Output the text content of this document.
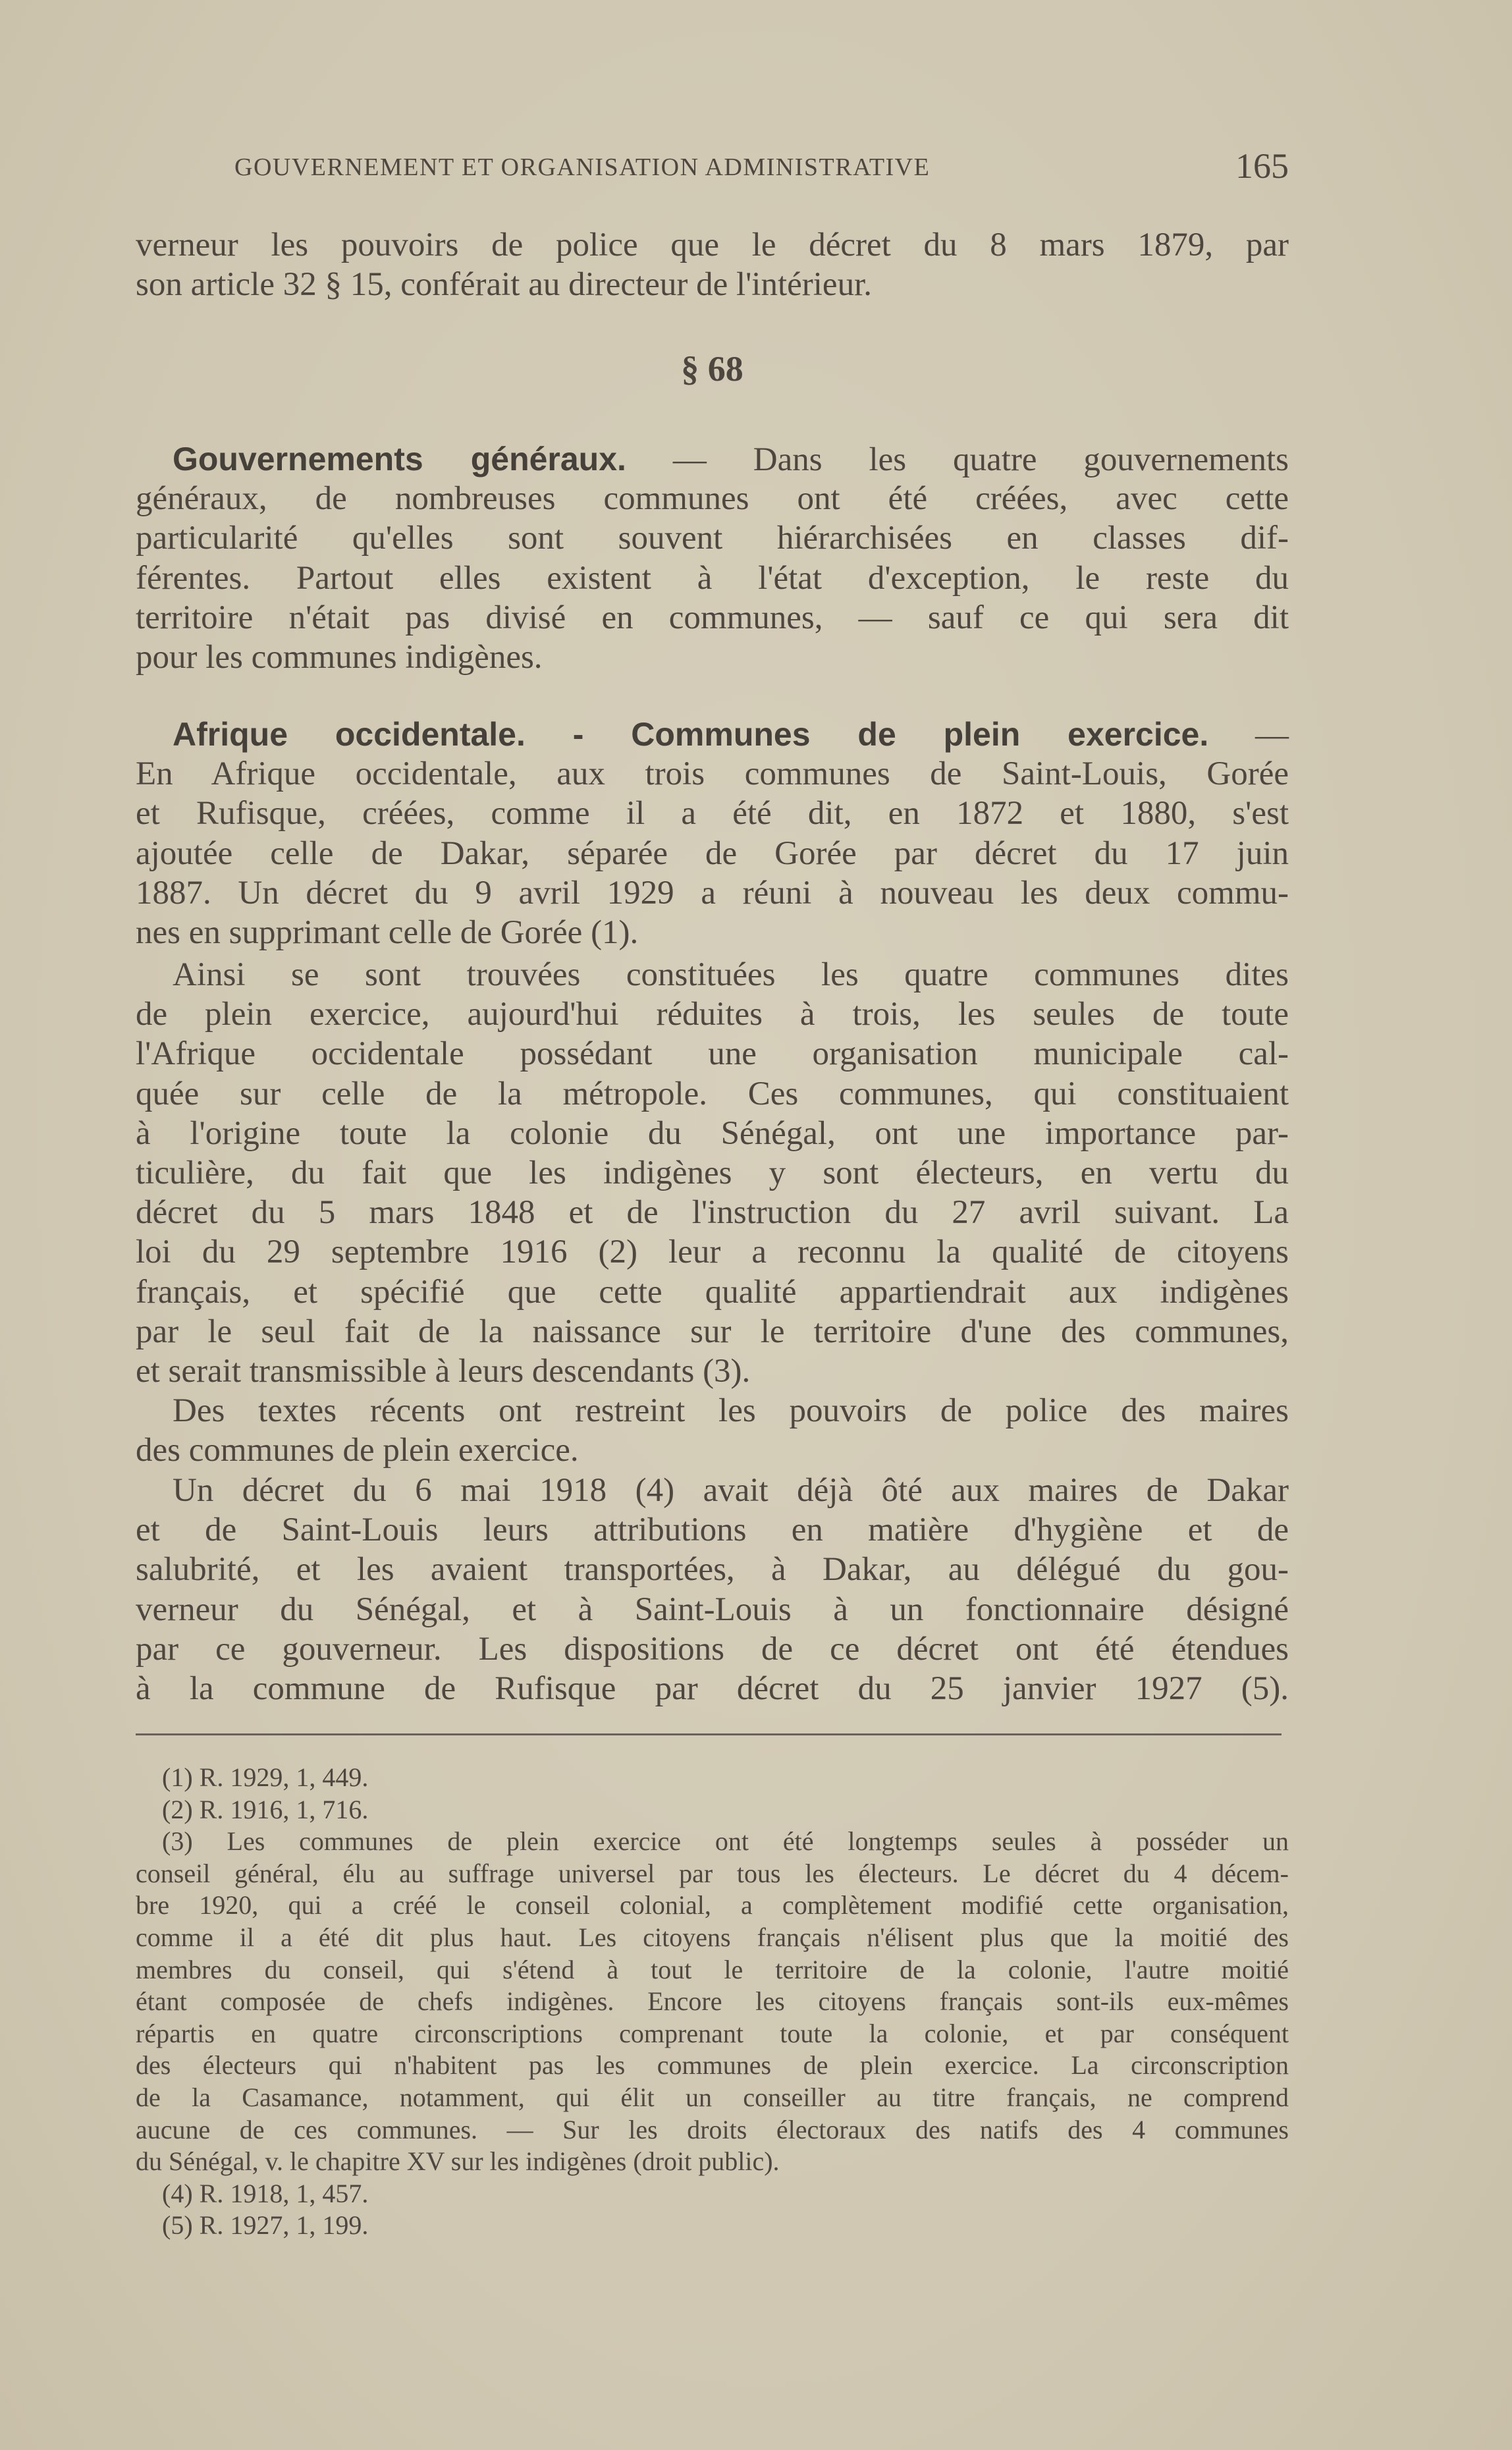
GOUVERNEMENT ET ORGANISATION ADMINISTRATIVE	165
verneur les pouvoirs de police que le décret du 8 mars 1879, par
son article 32 § 15, conférait au directeur de l'intérieur.
§ 68
Gouvernements généraux. — Dans les quatre gouvernements
généraux, de nombreuses communes ont été créées, avec cette
particularité qu'elles sont souvent hiérarchisées en classes dif-
férentes. Partout elles existent à l'état d'exception, le reste du
territoire n'était pas divisé en communes, — sauf ce qui sera dit
pour les communes indigènes.
Afrique occidentale. - Communes de plein exercice. —
En Afrique occidentale, aux trois communes de Saint-Louis, Gorée
et Rufisque, créées, comme il a été dit, en 1872 et 1880, s'est
ajoutée celle de Dakar, séparée de Gorée par décret du 17 juin
1887. Un décret du 9 avril 1929 a réuni à nouveau les deux commu-
nes en supprimant celle de Gorée (1).
Ainsi se sont trouvées constituées les quatre communes dites
de plein exercice, aujourd'hui réduites à trois, les seules de toute
l'Afrique occidentale possédant une organisation municipale cal-
quée sur celle de la métropole. Ces communes, qui constituaient
à l'origine toute la colonie du Sénégal, ont une importance par-
ticulière, du fait que les indigènes y sont électeurs, en vertu du
décret du 5 mars 1848 et de l'instruction du 27 avril suivant. La
loi du 29 septembre 1916 (2) leur a reconnu la qualité de citoyens
français, et spécifié que cette qualité appartiendrait aux indigènes
par le seul fait de la naissance sur le territoire d'une des communes,
et serait transmissible à leurs descendants (3).
Des textes récents ont restreint les pouvoirs de police des maires
des communes de plein exercice.
Un décret du 6 mai 1918 (4) avait déjà ôté aux maires de Dakar
et de Saint-Louis leurs attributions en matière d'hygiène et de
salubrité, et les avaient transportées, à Dakar, au délégué du gou-
verneur du Sénégal, et à Saint-Louis à un fonctionnaire désigné
par ce gouverneur. Les dispositions de ce décret ont été étendues
à la commune de Rufisque par décret du 25 janvier 1927 (5).
(1) R. 1929, 1, 449.
(2) R. 1916, 1, 716.
(3) Les communes de plein exercice ont été longtemps seules à posséder un
conseil général, élu au suffrage universel par tous les électeurs. Le décret du 4 décem-
bre 1920, qui a créé le conseil colonial, a complètement modifié cette organisation,
comme il a été dit plus haut. Les citoyens français n'élisent plus que la moitié des
membres du conseil, qui s'étend à tout le territoire de la colonie, l'autre moitié
étant composée de chefs indigènes. Encore les citoyens français sont-ils eux-mêmes
répartis en quatre circonscriptions comprenant toute la colonie, et par conséquent
des électeurs qui n'habitent pas les communes de plein exercice. La circonscription
de la Casamance, notamment, qui élit un conseiller au titre français, ne comprend
aucune de ces communes. — Sur les droits électoraux des natifs des 4 communes
du Sénégal, v. le chapitre XV sur les indigènes (droit public).
(4) R. 1918, 1, 457.
(5) R. 1927, 1, 199.
